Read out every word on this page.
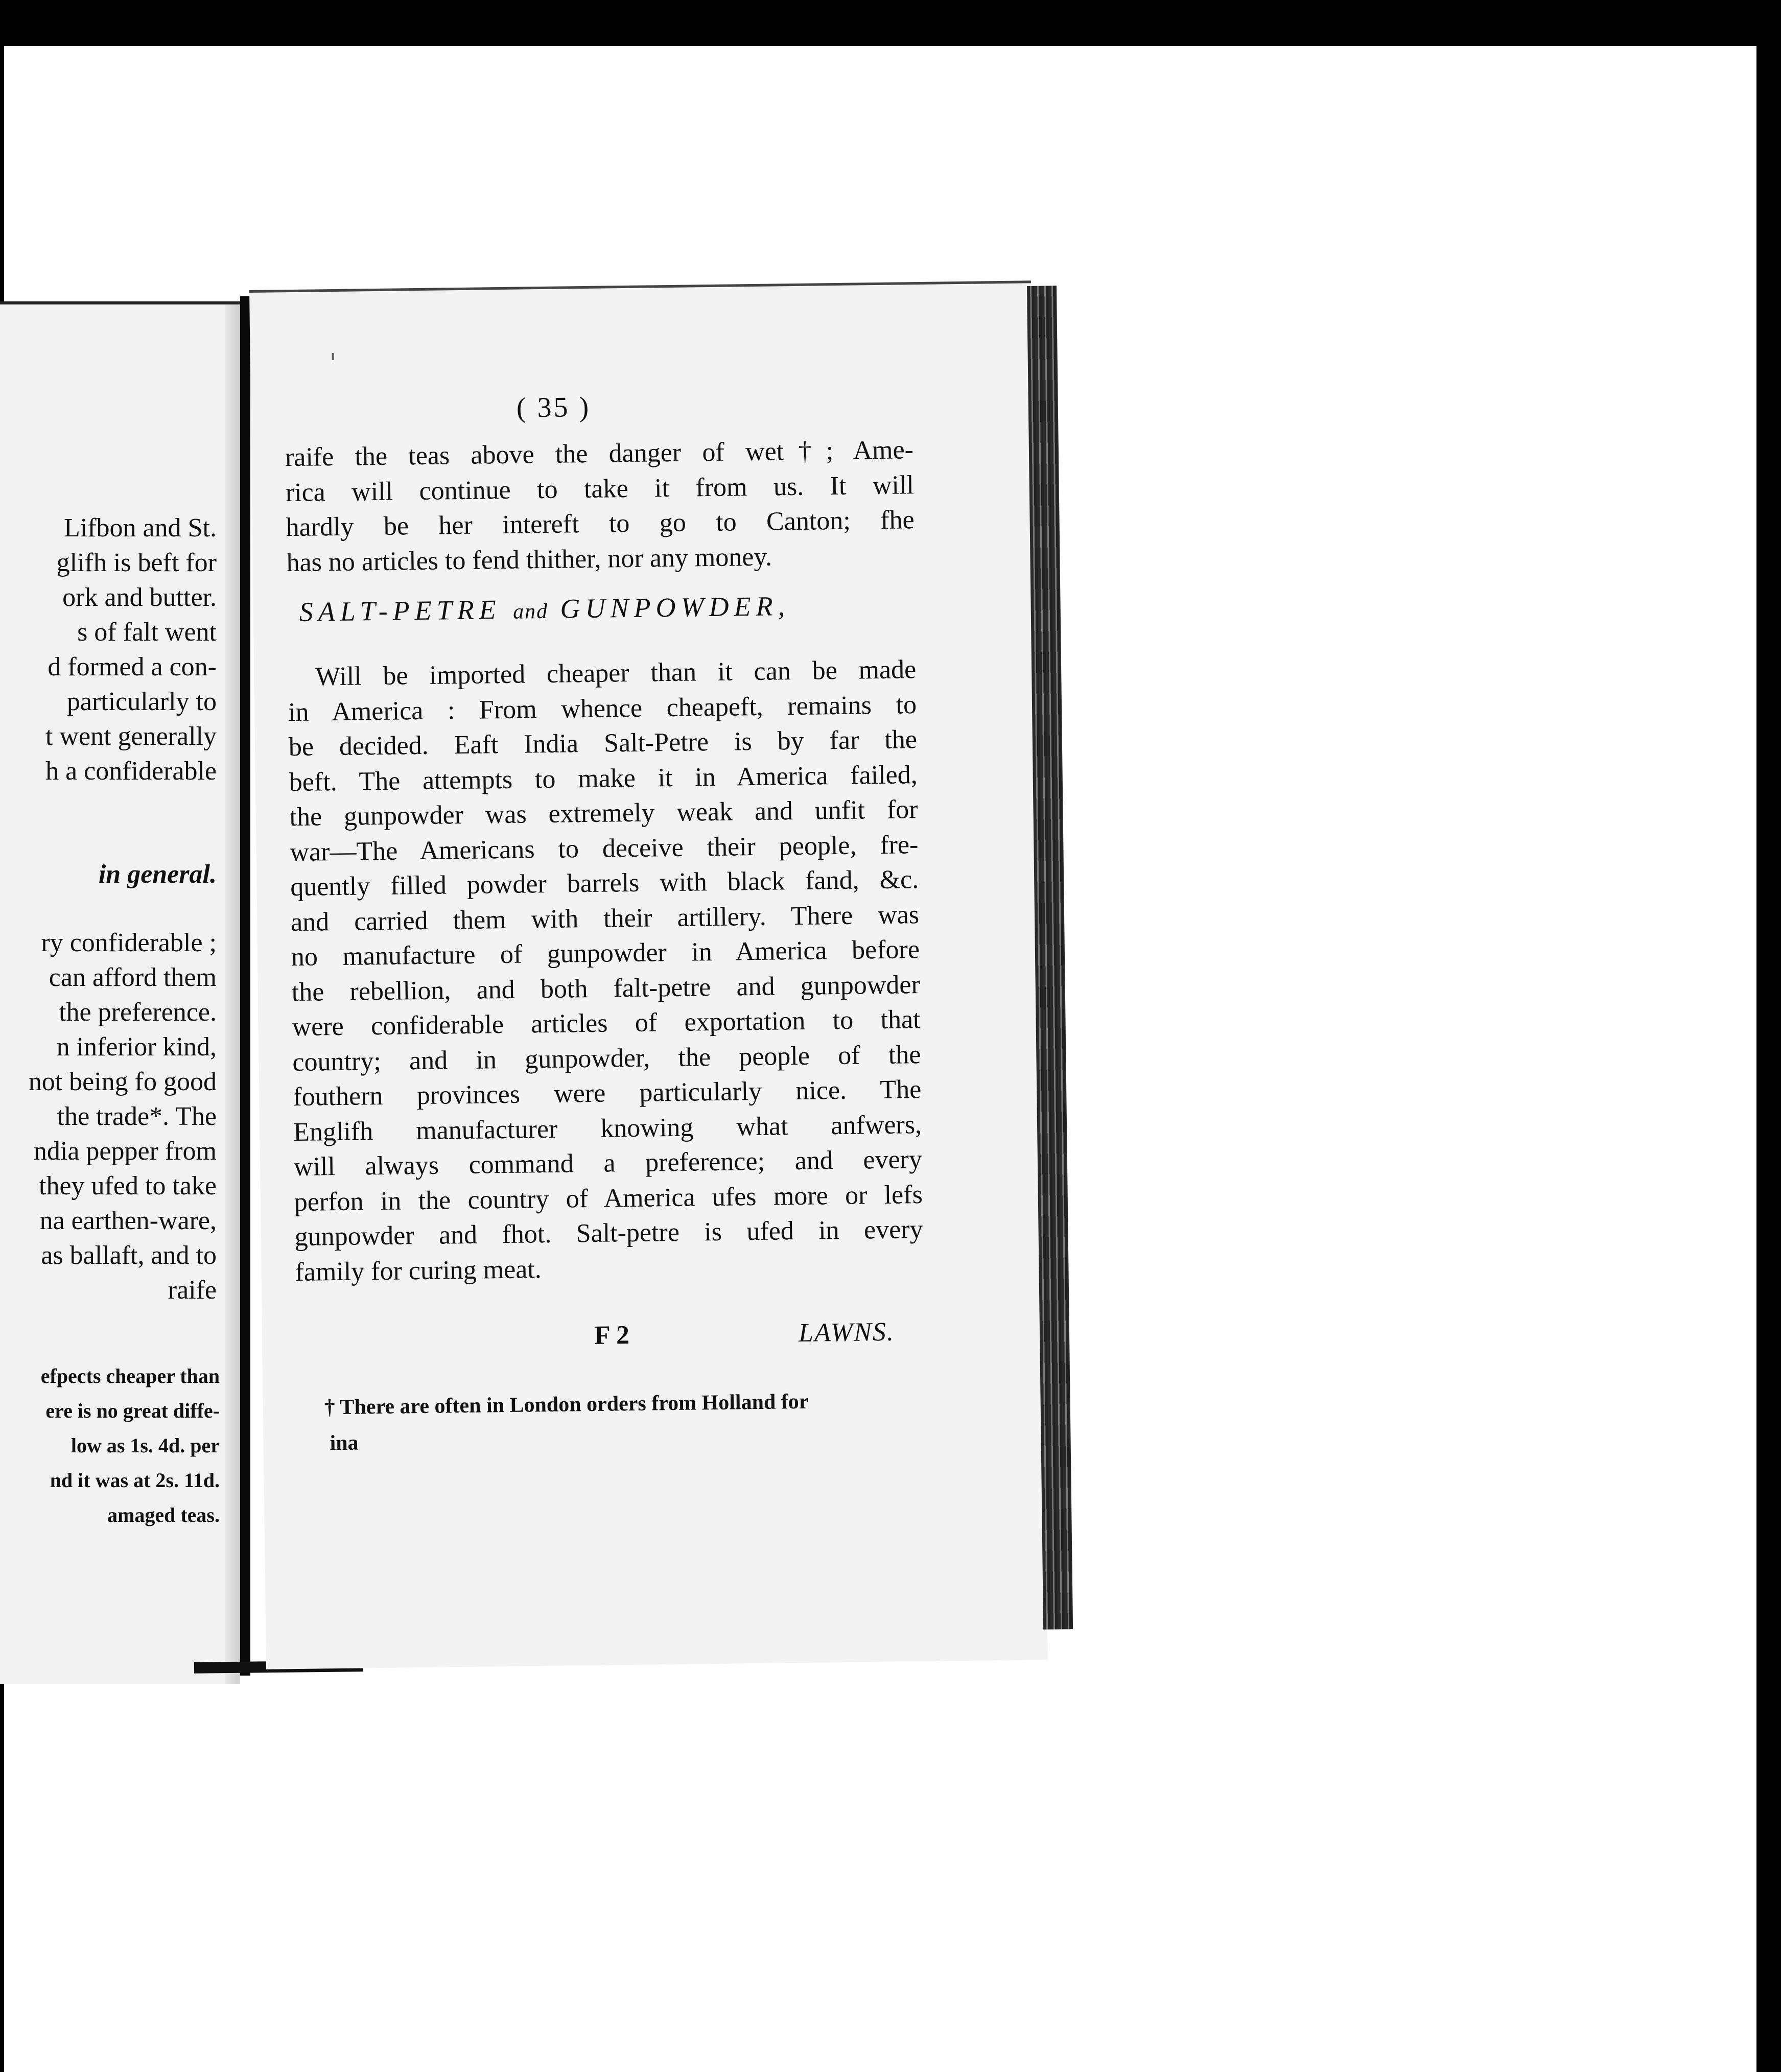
Lifbon and St.
glifh is beft for
ork and butter.
s of falt went
d formed a con-
particularly to
t went generally
h a confiderable
in general.
ry confiderable ;
can afford them
the preference.
n inferior kind,
not being fo good
the trade*. The
ndia pepper from
they ufed to take
na earthen-ware,
as ballaft, and to
raife
efpects cheaper than
ere is no great diffe-
low as 1s. 4d. per
nd it was at 2s. 11d.
amaged teas.
( 35 )
raife the teas above the danger of wet†; Ame-
rica will continue to take it from us. It will
hardly be her intereft to go to Canton; fhe
has no articles to fend thither, nor any money.
SALT-PETRE and GUNPOWDER,
Will be imported cheaper than it can be made
in America : From whence cheapeft, remains to
be decided. Eaft India Salt-Petre is by far the
beft. The attempts to make it in America failed,
the gunpowder was extremely weak and unfit for
war—The Americans to deceive their people, fre-
quently filled powder barrels with black fand, &c.
and carried them with their artillery. There was
no manufacture of gunpowder in America before
the rebellion, and both falt-petre and gunpowder
were confiderable articles of exportation to that
country; and in gunpowder, the people of the
fouthern provinces were particularly nice. The
Englifh manufacturer knowing what anfwers,
will always command a preference; and every
perfon in the country of America ufes more or lefs
gunpowder and fhot. Salt-petre is ufed in every
family for curing meat.
F 2	LAWNS.
† There are often in London orders from Holland for
ina
